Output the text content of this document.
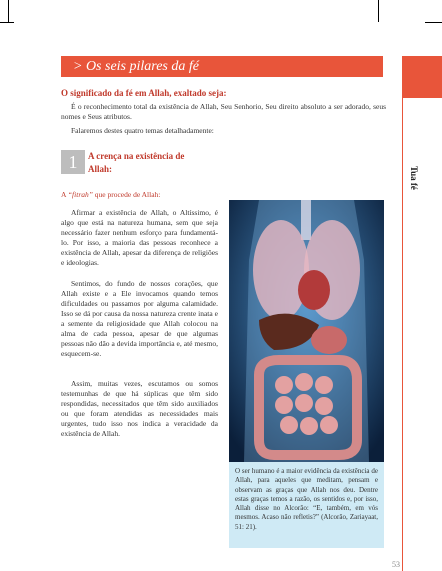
Tua fé
> Os seis pilares da fé
O significado da fé em Allah, exaltado seja:
É o reconhecimento total da existência de Allah, Seu Senhorio, Seu direito absoluto a ser adorado, seus nomes e Seus atributos.
Falaremos destes quatro temas detalhadamente:
1	A crença na existência de Allah:
A “fitrah” que procede de Allah:
Afirmar a existência de Allah, o Altíssimo, é algo que está na natureza humana, sem que seja necessário fazer nenhum esforço para fundamentá-lo. Por isso, a maioria das pessoas reconhece a existência de Allah, apesar da diferença de religiões e ideologias.
Sentimos, do fundo de nossos corações, que Allah existe e a Ele invocamos quando temos dificuldades ou passamos por alguma calamidade. Isso se dá por causa da nossa natureza crente inata e a semente da religiosidade que Allah colocou na alma de cada pessoa, apesar de que algumas pessoas não dão a devida importância e, até mesmo, esquecem-se.
Assim, muitas vezes, escutamos ou somos testemunhas de que há súplicas que têm sido respondidas, necessitados que têm sido auxiliados ou que foram atendidas as necessidades mais urgentes, tudo isso nos indica a veracidade da existência de Allah.
O ser humano é a maior evidência da existência de Allah, para aqueles que meditam, pensam e observam as graças que Allah nos deu. Dentre estas graças temos a razão, os sentidos e, por isso, Allah disse no Alcorão: “E, também, em vós mesmos. Acaso não refletis?” (Alcorão, Zariayaat, 51: 21).
53
